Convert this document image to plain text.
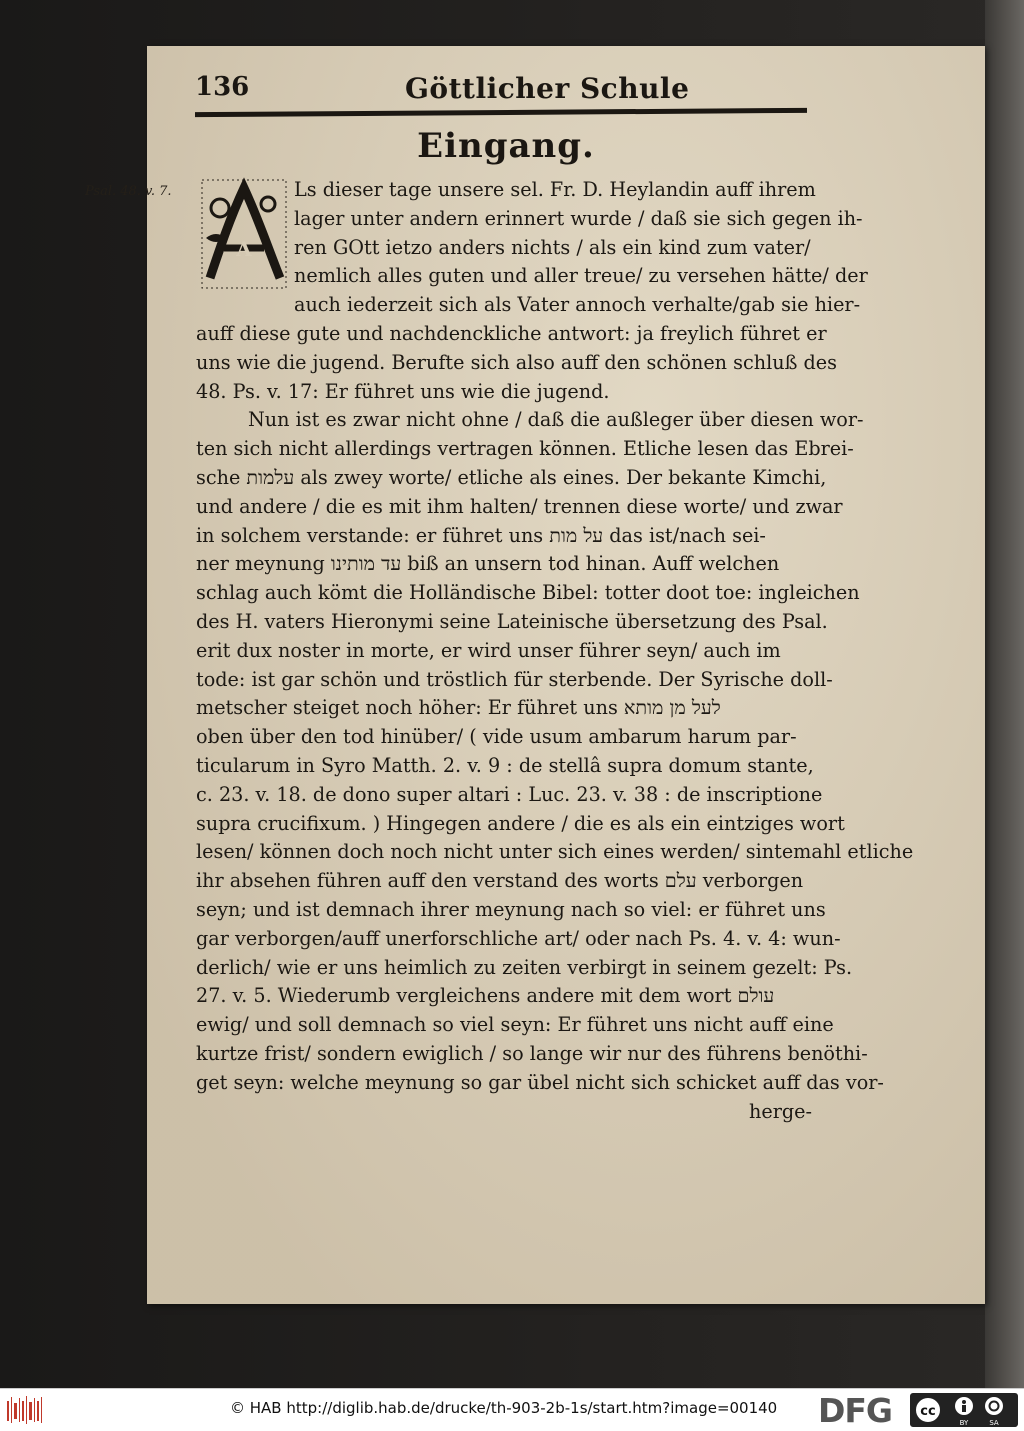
136	Göttlicher Schule
Eingang.
Psal. 48. v. 7.
A
Ls dieser tage unsere sel. Fr. D. Heylandin auff ihrem
lager unter andern erinnert wurde / daß sie sich gegen ih-
ren GOtt ietzo anders nichts / als ein kind zum vater/
nemlich alles guten und aller treue/ zu versehen hätte/ der
auch iederzeit sich als Vater annoch verhalte/gab sie hier-
auff diese gute und nachdenckliche antwort: ja freylich führet er
uns wie die jugend. Berufte sich also auff den schönen schluß des
48. Ps. v. 17: Er führet uns wie die jugend.
Nun ist es zwar nicht ohne / daß die außleger über diesen wor-
ten sich nicht allerdings vertragen können. Etliche lesen das Ebrei-
sche עלמות als zwey worte/ etliche als eines. Der bekante Kimchi,
und andere / die es mit ihm halten/ trennen diese worte/ und zwar
in solchem verstande: er führet uns על מות das ist/nach sei-
ner meynung עד מותינו biß an unsern tod hinan. Auff welchen
schlag auch kömt die Holländische Bibel: totter doot toe: ingleichen
des H. vaters Hieronymi seine Lateinische übersetzung des Psal.
erit dux noster in morte, er wird unser führer seyn/ auch im
tode: ist gar schön und tröstlich für sterbende. Der Syrische doll-
metscher steiget noch höher: Er führet uns לעל מן מותא
oben über den tod hinüber/ ( vide usum ambarum harum par-
ticularum in Syro Matth. 2. v. 9 : de stellâ supra domum stante,
c. 23. v. 18. de dono super altari : Luc. 23. v. 38 : de inscriptione
supra crucifixum. ) Hingegen andere / die es als ein eintziges wort
lesen/ können doch noch nicht unter sich eines werden/ sintemahl etliche
ihr absehen führen auff den verstand des worts עלם verborgen
seyn; und ist demnach ihrer meynung nach so viel: er führet uns
gar verborgen/auff unerforschliche art/ oder nach Ps. 4. v. 4: wun-
derlich/ wie er uns heimlich zu zeiten verbirgt in seinem gezelt: Ps.
27. v. 5. Wiederumb vergleichens andere mit dem wort עולם
ewig/ und soll demnach so viel seyn: Er führet uns nicht auff eine
kurtze frist/ sondern ewiglich / so lange wir nur des führens benöthi-
get seyn: welche meynung so gar übel nicht sich schicket auff das vor-
herge-
© HAB http://diglib.hab.de/drucke/th-903-2b-1s/start.htm?image=00140 DFG cc
BY	SA
